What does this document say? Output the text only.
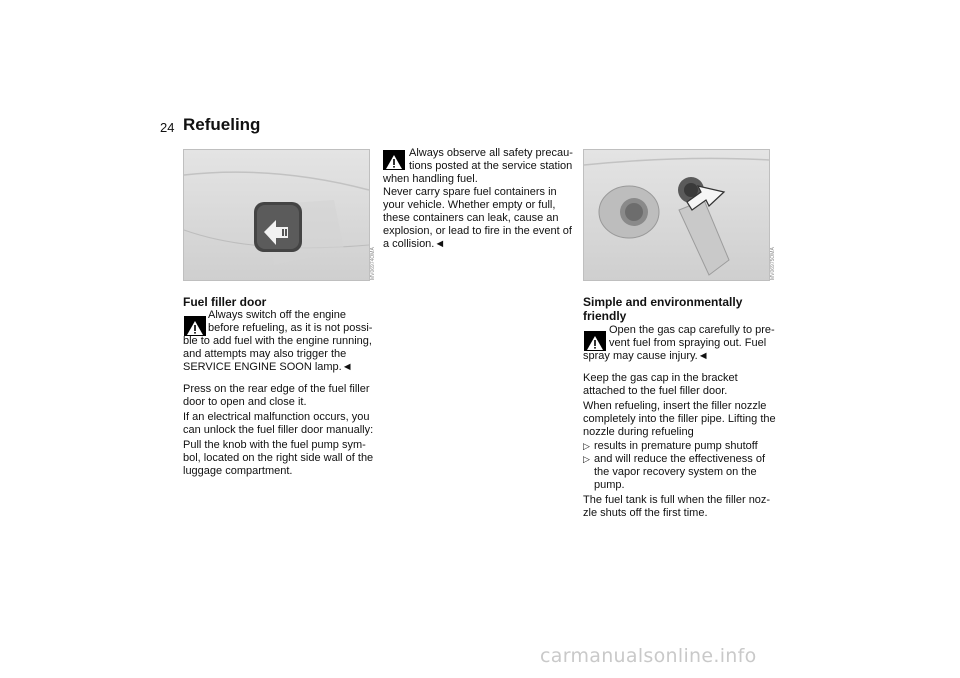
24 Refueling
MV06974OMA
Fuel filler door
Always switch off the engine
before refueling, as it is not possi-
ble to add fuel with the engine running,
and attempts may also trigger the
SERVICE ENGINE SOON lamp.◄
Press on the rear edge of the fuel filler
door to open and close it.
If an electrical malfunction occurs, you
can unlock the fuel filler door manually:
Pull the knob with the fuel pump sym-
bol, located on the right side wall of the
luggage compartment.
Always observe all safety precau-
tions posted at the service station
when handling fuel.
Never carry spare fuel containers in
your vehicle. Whether empty or full,
these containers can leak, cause an
explosion, or lead to fire in the event of
a collision.◄
MV06975OMA
Simple and environmentally
friendly
Open the gas cap carefully to pre-
vent fuel from spraying out. Fuel
spray may cause injury.◄
Keep the gas cap in the bracket
attached to the fuel filler door.
When refueling, insert the filler nozzle
completely into the filler pipe. Lifting the
nozzle during refueling
▷ results in premature pump shutoff
▷ and will reduce the effectiveness of
the vapor recovery system on the
pump.
The fuel tank is full when the filler noz-
zle shuts off the first time.
carmanualsonline.info
